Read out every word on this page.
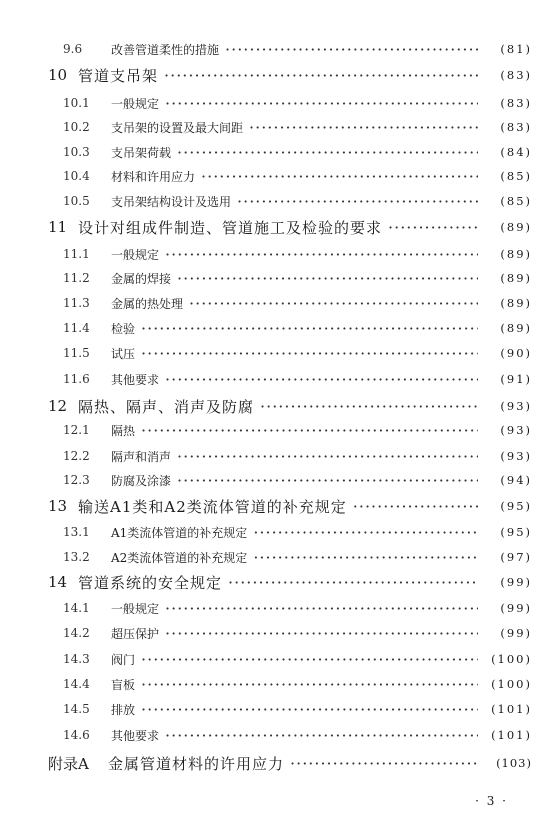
9.6	改善管道柔性的措施 ·····	(81)
10 管道支吊架 ·····	(83)
10.1	一般规定 ·····	(83)
10.2	支吊架的设置及最大间距 ·····	(83)
10.3	支吊架荷载 ·····	(84)
10.4	材料和许用应力 ·····	(85)
10.5	支吊架结构设计及选用 ·····	(85)
11 设计对组成件制造、管道施工及检验的要求 ·····	(89)
11.1	一般规定 ·····	(89)
11.2	金属的焊接 ·····	(89)
11.3	金属的热处理 ·····	(89)
11.4	检验 ·····	(89)
11.5	试压 ·····	(90)
11.6	其他要求 ·····	(91)
12 隔热、隔声、消声及防腐 ·····	(93)
12.1	隔热 ·····	(93)
12.2	隔声和消声 ·····	(93)
12.3	防腐及涂漆 ·····	(94)
13 输送A1类和A2类流体管道的补充规定 ·····	(95)
13.1	A1类流体管道的补充规定 ·····	(95)
13.2	A2类流体管道的补充规定 ·····	(97)
14 管道系统的安全规定 ·····	(99)
14.1	一般规定 ·····	(99)
14.2	超压保护 ·····	(99)
14.3	阀门 ·····	(100)
14.4	盲板 ·····	(100)
14.5	排放 ·····	(101)
14.6	其他要求 ·····	(101)
附录A	金属管道材料的许用应力 ·····	(103)
· 3 ·
